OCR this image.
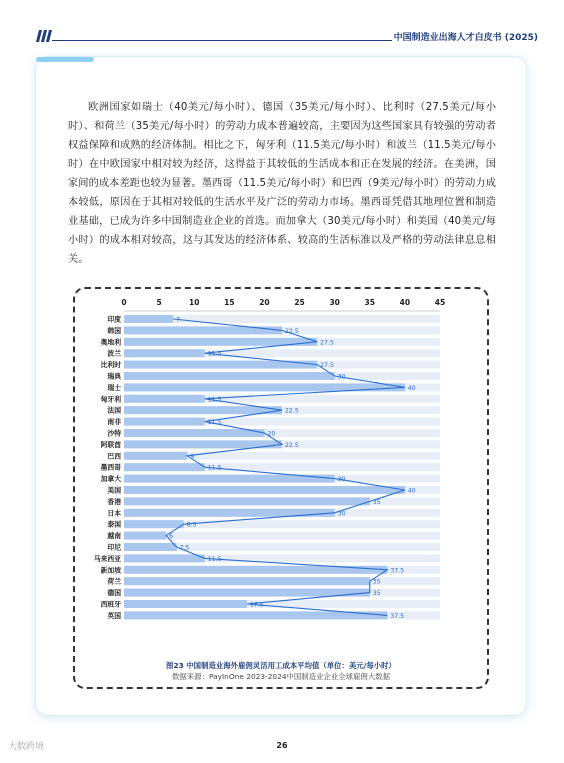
中国制造业出海人才白皮书 (2025)

欧洲国家如瑞士（40美元/每小时）、德国（35美元/每小时）、比利时（27.5美元/每小时）、和荷兰（35美元/每小时）的劳动力成本普遍较高，主要因为这些国家具有较强的劳动者权益保障和成熟的经济体制。相比之下，匈牙利（11.5美元/每小时）和波兰（11.5美元/每小时）在中欧国家中相对较为经济，这得益于其较低的生活成本和正在发展的经济。在美洲，国家间的成本差距也较为显著。墨西哥（11.5美元/每小时）和巴西（9美元/每小时）的劳动力成本较低，原因在于其相对较低的生活水平及广泛的劳动力市场。墨西哥凭借其地理位置和制造业基础，已成为许多中国制造业企业的首选。而加拿大（30美元/每小时）和美国（40美元/每小时）的成本相对较高，这与其发达的经济体系、较高的生活标准以及严格的劳动法律息息相关。

0	5	10	15	20	25	30	35	40	45
印度
韩国
奥地利
波兰
比利时
瑞典
瑞士
匈牙利
法国
南非
沙特
阿联酋
巴西
墨西哥
加拿大
美国
香港
日本
泰国
越南
印尼
马来西亚
新加坡
荷兰
德国
西班牙
英国
7
22.5
27.5
11.5
27.5
30
40
11.5
22.5
11.5
20
22.5
9
11.5
30
40
35
30
8.5
6
7.5
11.5
37.5
35
35
17.5
37.5
图23 中国制造业海外雇佣灵活用工成本平均值（单位：美元/每小时）
数据来源：PayInOne 2023-2024中国制造业企业全球雇佣大数据
大数跨境	26
